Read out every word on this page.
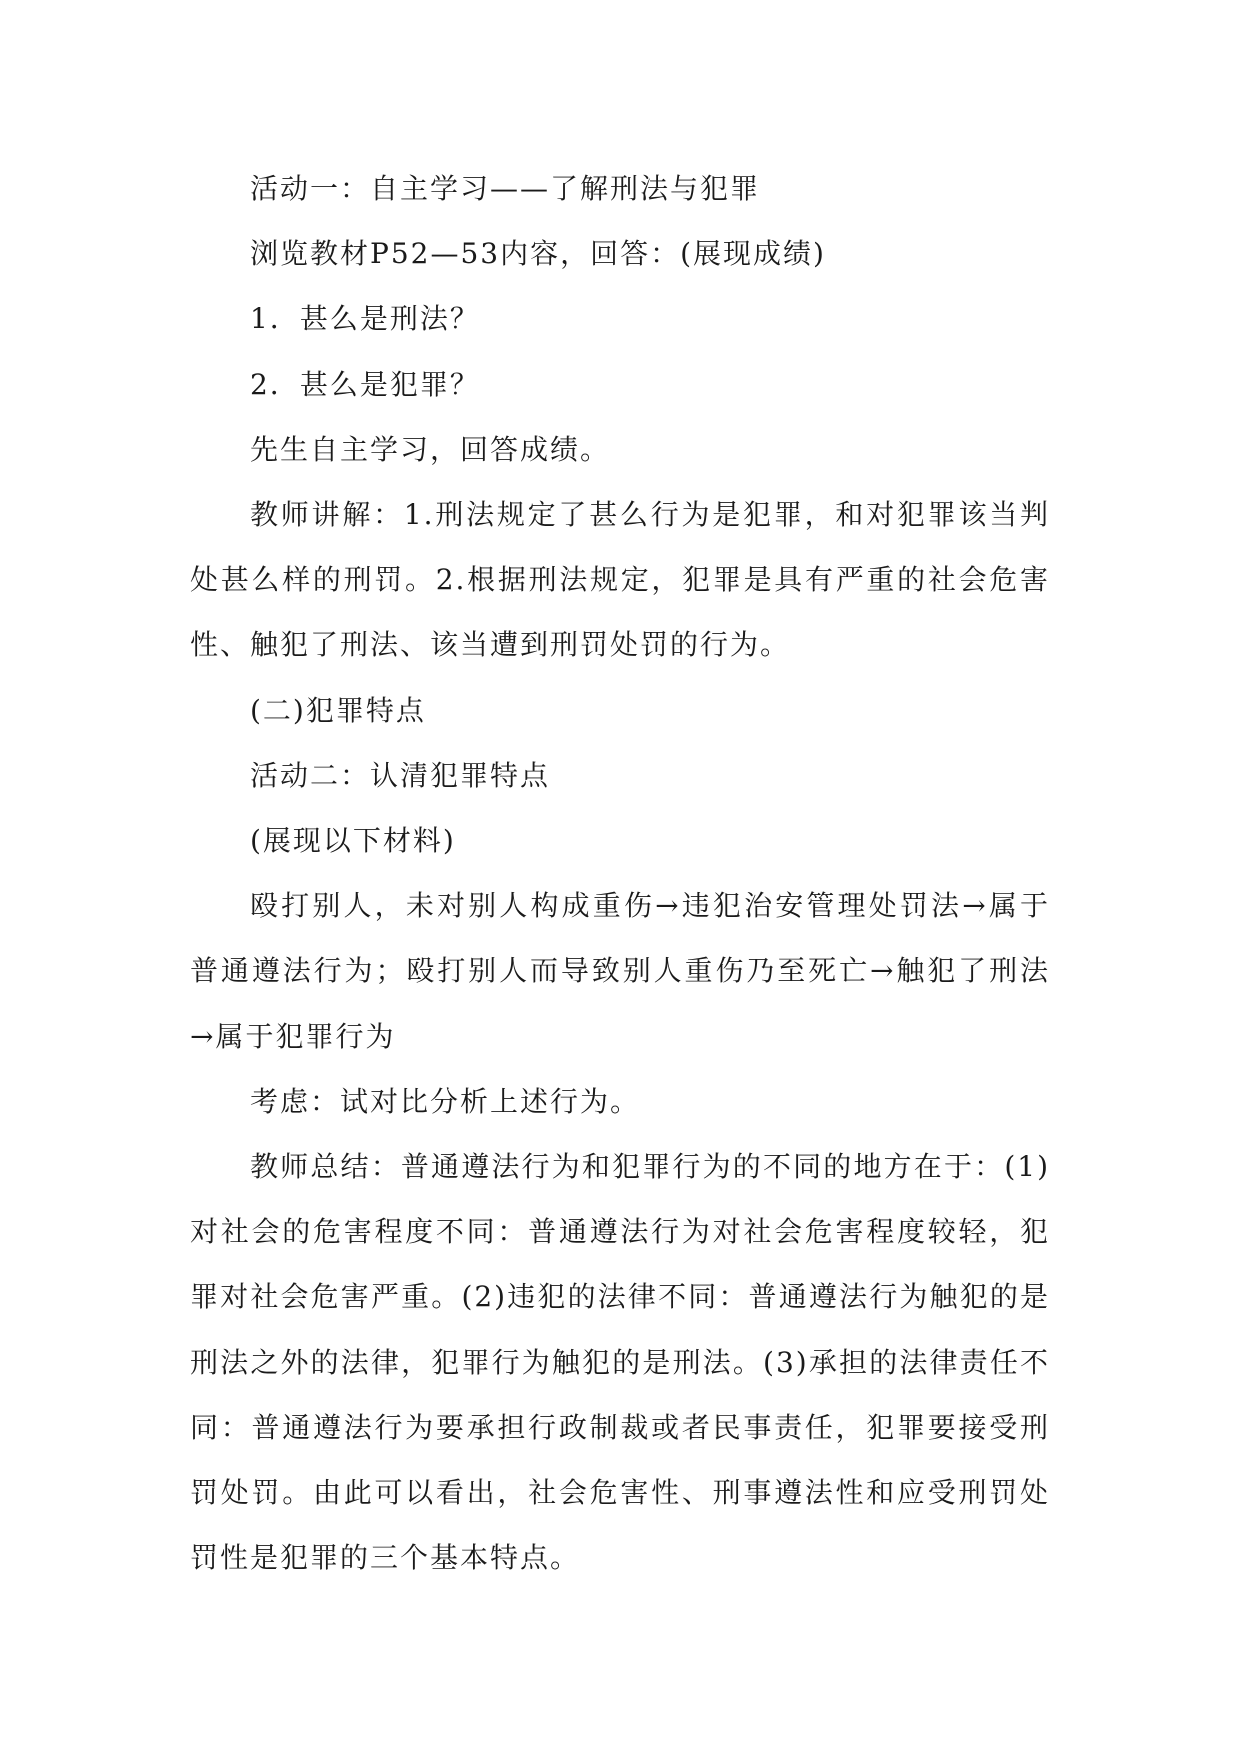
活动一：自主学习——了解刑法与犯罪

浏览教材P52—53内容，回答：(展现成绩)

1．甚么是刑法？

2．甚么是犯罪？

先生自主学习，回答成绩。

教师讲解：1.刑法规定了甚么行为是犯罪，和对犯罪该当判处甚么样的刑罚。2.根据刑法规定，犯罪是具有严重的社会危害性、触犯了刑法、该当遭到刑罚处罚的行为。

(二)犯罪特点

活动二：认清犯罪特点

(展现以下材料)

殴打别人，未对别人构成重伤→违犯治安管理处罚法→属于普通遵法行为；殴打别人而导致别人重伤乃至死亡→触犯了刑法→属于犯罪行为

考虑：试对比分析上述行为。

教师总结：普通遵法行为和犯罪行为的不同的地方在于：(1)对社会的危害程度不同：普通遵法行为对社会危害程度较轻，犯罪对社会危害严重。(2)违犯的法律不同：普通遵法行为触犯的是刑法之外的法律，犯罪行为触犯的是刑法。(3)承担的法律责任不同：普通遵法行为要承担行政制裁或者民事责任，犯罪要接受刑罚处罚。由此可以看出，社会危害性、刑事遵法性和应受刑罚处罚性是犯罪的三个基本特点。
